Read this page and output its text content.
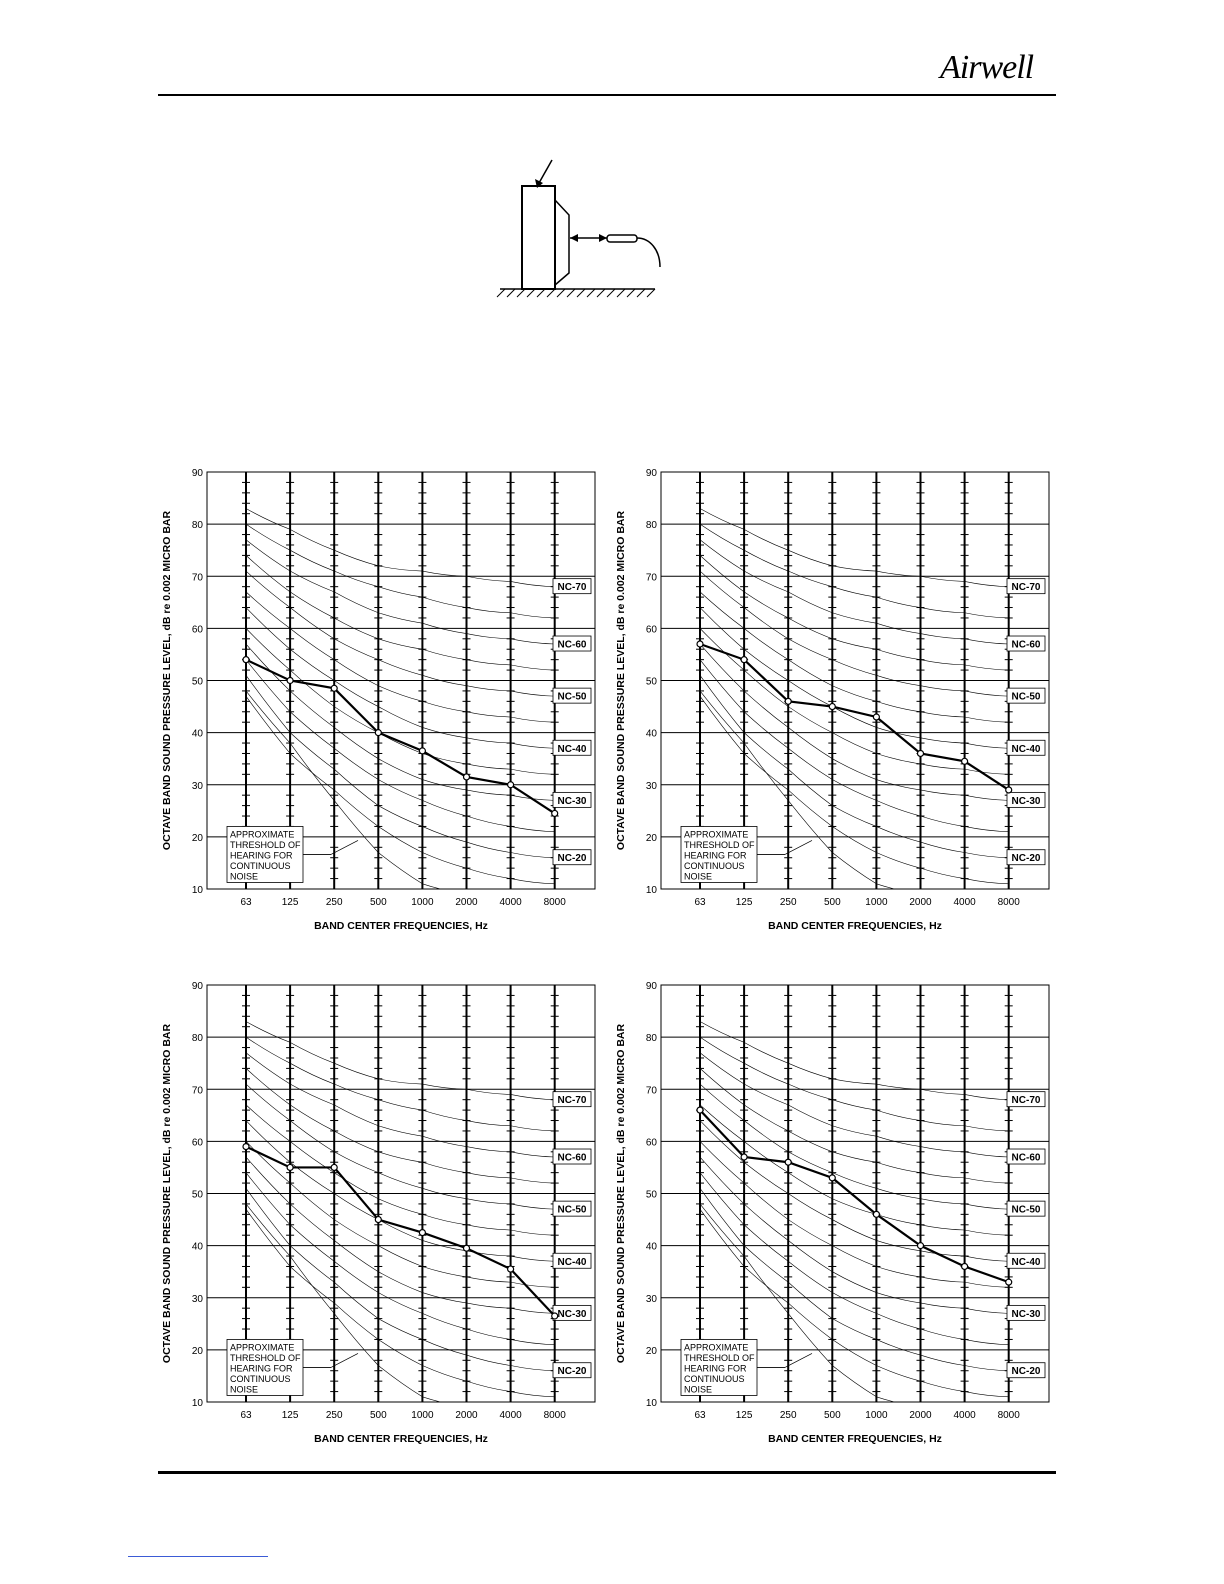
Airwell
10
20
30
40
50
60
70
80
90
63	125	250	500 1000 2000 4000 8000
NC-70
NC-60
NC-50
NC-40
NC-30
NC-20
APPROXIMATE
THRESHOLD OF
HEARING FOR
CONTINUOUS
NOISE
BAND CENTER FREQUENCIES, Hz
OCTAVE BAND SOUND PRESSURE LEVEL, dB re 0.002 MICRO BAR
10
20
30
40
50
60
70
80
90
63	125	250	500 1000 2000 4000 8000
NC-70
NC-60
NC-50
NC-40
NC-30
NC-20
APPROXIMATE
THRESHOLD OF
HEARING FOR
CONTINUOUS
NOISE
BAND CENTER FREQUENCIES, Hz
OCTAVE BAND SOUND PRESSURE LEVEL, dB re 0.002 MICRO BAR
10
20
30
40
50
60
70
80
90
63	125	250	500 1000 2000 4000 8000
NC-70
NC-60
NC-50
NC-40
NC-30
NC-20
APPROXIMATE
THRESHOLD OF
HEARING FOR
CONTINUOUS
NOISE
BAND CENTER FREQUENCIES, Hz
OCTAVE BAND SOUND PRESSURE LEVEL, dB re 0.002 MICRO BAR
10
20
30
40
50
60
70
80
90
63	125	250	500 1000 2000 4000 8000
NC-70
NC-60
NC-50
NC-40
NC-30
NC-20
APPROXIMATE
THRESHOLD OF
HEARING FOR
CONTINUOUS
NOISE
BAND CENTER FREQUENCIES, Hz
OCTAVE BAND SOUND PRESSURE LEVEL, dB re 0.002 MICRO BAR
